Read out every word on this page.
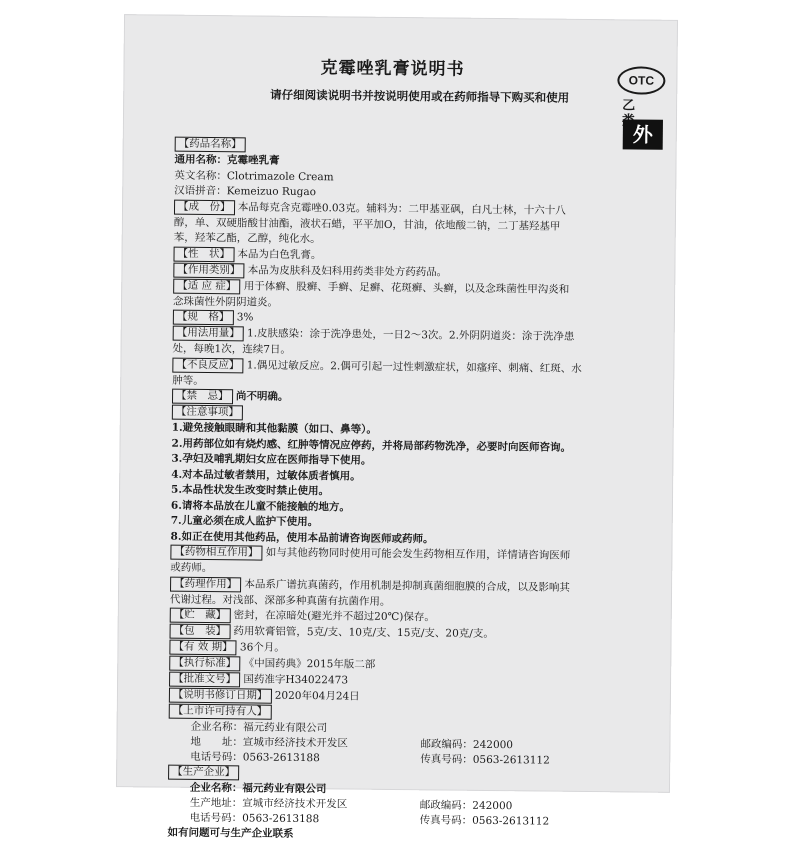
克霉唑乳膏说明书
请仔细阅读说明书并按说明使用或在药师指导下购买和使用
OTC
乙类
外
【药品名称】
通用名称：克霉唑乳膏
英文名称：Clotrimazole Cream
汉语拼音：Kemeizuo Rugao
【成　份】 本品每克含克霉唑0.03克。辅料为：二甲基亚砜，白凡士林，十六十八
醇，单、双硬脂酸甘油酯，液状石蜡，平平加O，甘油，依地酸二钠，二丁基羟基甲
苯，羟苯乙酯，乙醇，纯化水。
【性　状】 本品为白色乳膏。
【作用类别】 本品为皮肤科及妇科用药类非处方药药品。
【适 应 症】 用于体癣、股癣、手癣、足癣、花斑癣、头癣，以及念珠菌性甲沟炎和
念珠菌性外阴阴道炎。
【规　格】 3%
【用法用量】 1.皮肤感染：涂于洗净患处，一日2～3次。2.外阴阴道炎：涂于洗净患
处，每晚1次，连续7日。
【不良反应】 1.偶见过敏反应。2.偶可引起一过性刺激症状，如瘙痒、刺痛、红斑、水
肿等。
【禁　忌】 尚不明确。
【注意事项】
1.避免接触眼睛和其他黏膜（如口、鼻等）。
2.用药部位如有烧灼感、红肿等情况应停药，并将局部药物洗净，必要时向医师咨询。
3.孕妇及哺乳期妇女应在医师指导下使用。
4.对本品过敏者禁用，过敏体质者慎用。
5.本品性状发生改变时禁止使用。
6.请将本品放在儿童不能接触的地方。
7.儿童必须在成人监护下使用。
8.如正在使用其他药品，使用本品前请咨询医师或药师。
【药物相互作用】 如与其他药物同时使用可能会发生药物相互作用，详情请咨询医师
或药师。
【药理作用】 本品系广谱抗真菌药，作用机制是抑制真菌细胞膜的合成，以及影响其
代谢过程。对浅部、深部多种真菌有抗菌作用。
【贮　藏】 密封，在凉暗处(避光并不超过20℃)保存。
【包　装】 药用软膏铝管，5克/支、10克/支、15克/支、20克/支。
【有 效 期】 36个月。
【执行标准】 《中国药典》2015年版二部
【批准文号】 国药准字H34022473
【说明书修订日期】 2020年04月24日
【上市许可持有人】
企业名称：福元药业有限公司
地　　址：宣城市经济技术开发区	邮政编码：242000
电话号码：0563-2613188	传真号码：0563-2613112
【生产企业】
企业名称：福元药业有限公司
生产地址：宣城市经济技术开发区	邮政编码：242000
电话号码：0563-2613188	传真号码：0563-2613112
如有问题可与生产企业联系
